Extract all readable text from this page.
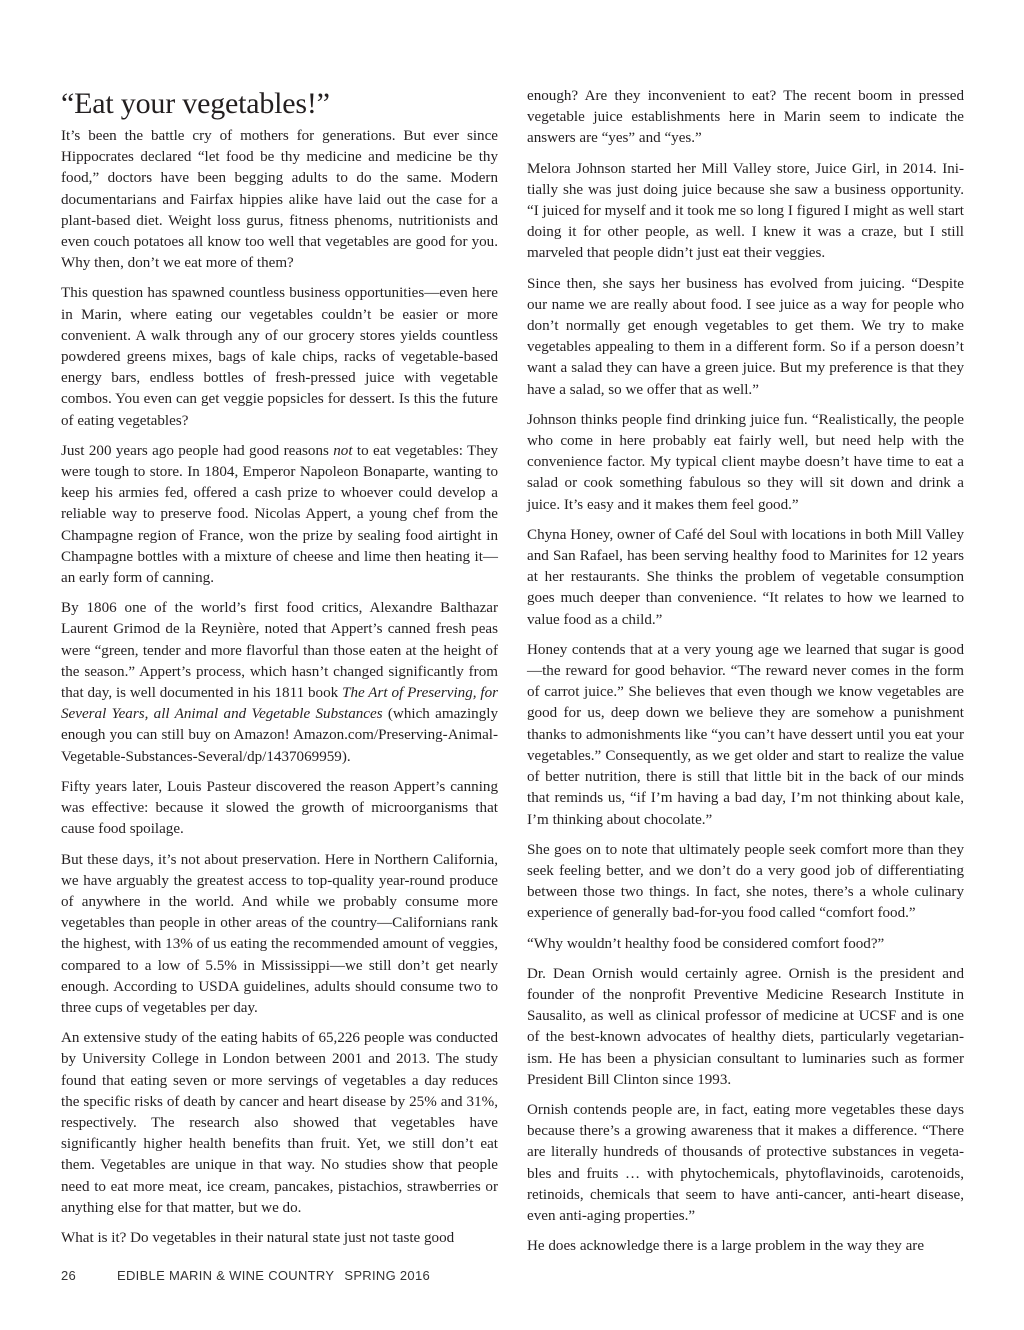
“Eat your vegetables!”

It’s been the battle cry of mothers for generations. But ever since Hippocrates declared “let food be thy medicine and medicine be thy food,” doctors have been begging adults to do the same. Modern documentarians and Fairfax hippies alike have laid out the case for a plant-based diet. Weight loss gurus, fitness phenoms, nutritionists and even couch potatoes all know too well that vegetables are good for you. Why then, don’t we eat more of them?

This question has spawned countless business opportunities—even here in Marin, where eating our vegetables couldn’t be easier or more convenient. A walk through any of our grocery stores yields countless powdered greens mixes, bags of kale chips, racks of vegetable-based energy bars, endless bottles of fresh-pressed juice with vegetable combos. You even can get veggie popsicles for dessert. Is this the future of eating vegetables?

Just 200 years ago people had good reasons not to eat vegetables: They were tough to store. In 1804, Emperor Napoleon Bonaparte, wanting to keep his armies fed, offered a cash prize to whoever could develop a reliable way to preserve food. Nicolas Appert, a young chef from the Champagne region of France, won the prize by sealing food airtight in Champagne bottles with a mixture of cheese and lime then heating it—an early form of canning.

By 1806 one of the world’s first food critics, Alexandre Balthazar Laurent Grimod de la Reynière, noted that Appert’s canned fresh peas were “green, tender and more flavorful than those eaten at the height of the season.” Appert’s process, which hasn’t changed significantly from that day, is well documented in his 1811 book The Art of Preserving, for Several Years, all Animal and Vegetable Substances (which amazingly enough you can still buy on Amazon! Amazon.com/Preserving-Animal-Vegetable-Substances-Several/dp/1437069959).

Fifty years later, Louis Pasteur discovered the reason Appert’s canning was effective: because it slowed the growth of microorganisms that cause food spoilage.

But these days, it’s not about preservation. Here in Northern California, we have arguably the greatest access to top-quality year-round produce of anywhere in the world. And while we probably consume more vegetables than people in other areas of the country—Californians rank the highest, with 13% of us eating the recommended amount of veggies, compared to a low of 5.5% in Mississippi—we still don’t get nearly enough. According to USDA guidelines, adults should consume two to three cups of vegetables per day.

An extensive study of the eating habits of 65,226 people was conducted by University College in London between 2001 and 2013. The study found that eating seven or more servings of vegetables a day reduces the specific risks of death by cancer and heart disease by 25% and 31%, respectively. The research also showed that vegetables have significantly higher health benefits than fruit. Yet, we still don’t eat them. Vegetables are unique in that way. No studies show that people need to eat more meat, ice cream, pancakes, pistachios, strawberries or anything else for that matter, but we do.

What is it? Do vegetables in their natural state just not taste good

enough? Are they inconvenient to eat? The recent boom in pressed vegetable juice establishments here in Marin seem to indicate the answers are “yes” and “yes.”

Melora Johnson started her Mill Valley store, Juice Girl, in 2014. Initially she was just doing juice because she saw a business opportunity. “I juiced for myself and it took me so long I figured I might as well start doing it for other people, as well. I knew it was a craze, but I still marveled that people didn’t just eat their veggies.

Since then, she says her business has evolved from juicing. “Despite our name we are really about food. I see juice as a way for people who don’t normally get enough vegetables to get them. We try to make vegetables appealing to them in a different form. So if a person doesn’t want a salad they can have a green juice. But my preference is that they have a salad, so we offer that as well.”

Johnson thinks people find drinking juice fun. “Realistically, the people who come in here probably eat fairly well, but need help with the convenience factor. My typical client maybe doesn’t have time to eat a salad or cook something fabulous so they will sit down and drink a juice. It’s easy and it makes them feel good.”

Chyna Honey, owner of Café del Soul with locations in both Mill Valley and San Rafael, has been serving healthy food to Marinites for 12 years at her restaurants. She thinks the problem of vegetable consumption goes much deeper than convenience. “It relates to how we learned to value food as a child.”

Honey contends that at a very young age we learned that sugar is good—the reward for good behavior. “The reward never comes in the form of carrot juice.” She believes that even though we know vegetables are good for us, deep down we believe they are somehow a punishment thanks to admonishments like “you can’t have dessert until you eat your vegetables.” Consequently, as we get older and start to realize the value of better nutrition, there is still that little bit in the back of our minds that reminds us, “if I’m having a bad day, I’m not thinking about kale, I’m thinking about chocolate.”

She goes on to note that ultimately people seek comfort more than they seek feeling better, and we don’t do a very good job of differentiating between those two things. In fact, she notes, there’s a whole culinary experience of generally bad-for-you food called “comfort food.”

“Why wouldn’t healthy food be considered comfort food?”

Dr. Dean Ornish would certainly agree. Ornish is the president and founder of the nonprofit Preventive Medicine Research Institute in Sausalito, as well as clinical professor of medicine at UCSF and is one of the best-known advocates of healthy diets, particularly vegetarianism. He has been a physician consultant to luminaries such as former President Bill Clinton since 1993.

Ornish contends people are, in fact, eating more vegetables these days because there’s a growing awareness that it makes a difference. “There are literally hundreds of thousands of protective substances in vegetables and fruits … with phytochemicals, phytoflavinoids, carotenoids, retinoids, chemicals that seem to have anti-cancer, anti-heart disease, even anti-aging properties.”

He does acknowledge there is a large problem in the way they are

26	EDIBLE MARIN & WINE COUNTRY SPRING 2016
